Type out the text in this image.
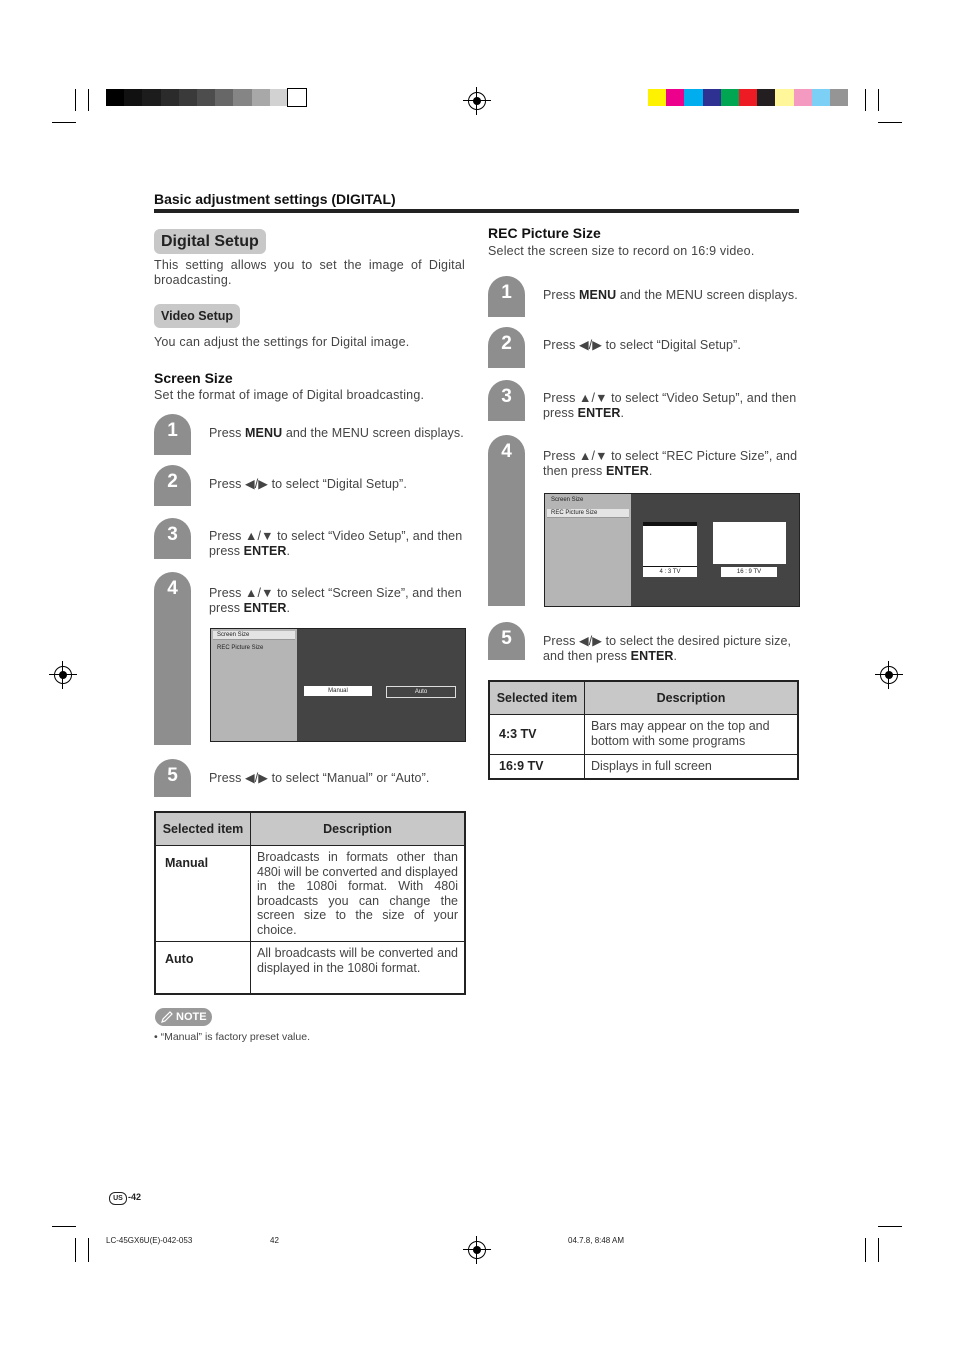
Basic adjustment settings (DIGITAL)
Digital Setup
This setting allows you to set the image of Digital broadcasting.
Video Setup
You can adjust the settings for Digital image.
Screen Size
Set the format of image of Digital broadcasting.
1	Press MENU and the MENU screen displays.
2	Press ◀/▶ to select “Digital Setup”.
3	Press ▲/▼ to select “Video Setup”, and then press ENTER.
4	Press ▲/▼ to select “Screen Size”, and then press ENTER.
5	Press ◀/▶ to select “Manual” or “Auto”.
Screen Size
REC Picture Size
Manual	Auto
Selected item	Description
Manual	Broadcasts in formats other than 480i will be converted and displayed in the 1080i format. With 480i broadcasts you can change the screen size to the size of your choice.
Auto	All broadcasts will be converted and displayed in the 1080i format.
NOTE
• “Manual” is factory preset value.
REC Picture Size
Select the screen size to record on 16:9 video.
1	Press MENU and the MENU screen displays.
2	Press ◀/▶ to select “Digital Setup”.
3	Press ▲/▼ to select “Video Setup”, and then press ENTER.
4	Press ▲/▼ to select “REC Picture Size”, and then press ENTER.
5	Press ◀/▶ to select the desired picture size, and then press ENTER.
Screen Size
REC Picture Size
4 : 3 TV	16 : 9 TV
Selected item	Description
4:3 TV	Bars may appear on the top and bottom with some programs
16:9 TV	Displays in full screen
US -42
LC-45GX6U(E)-042-053	42	04.7.8, 8:48 AM
